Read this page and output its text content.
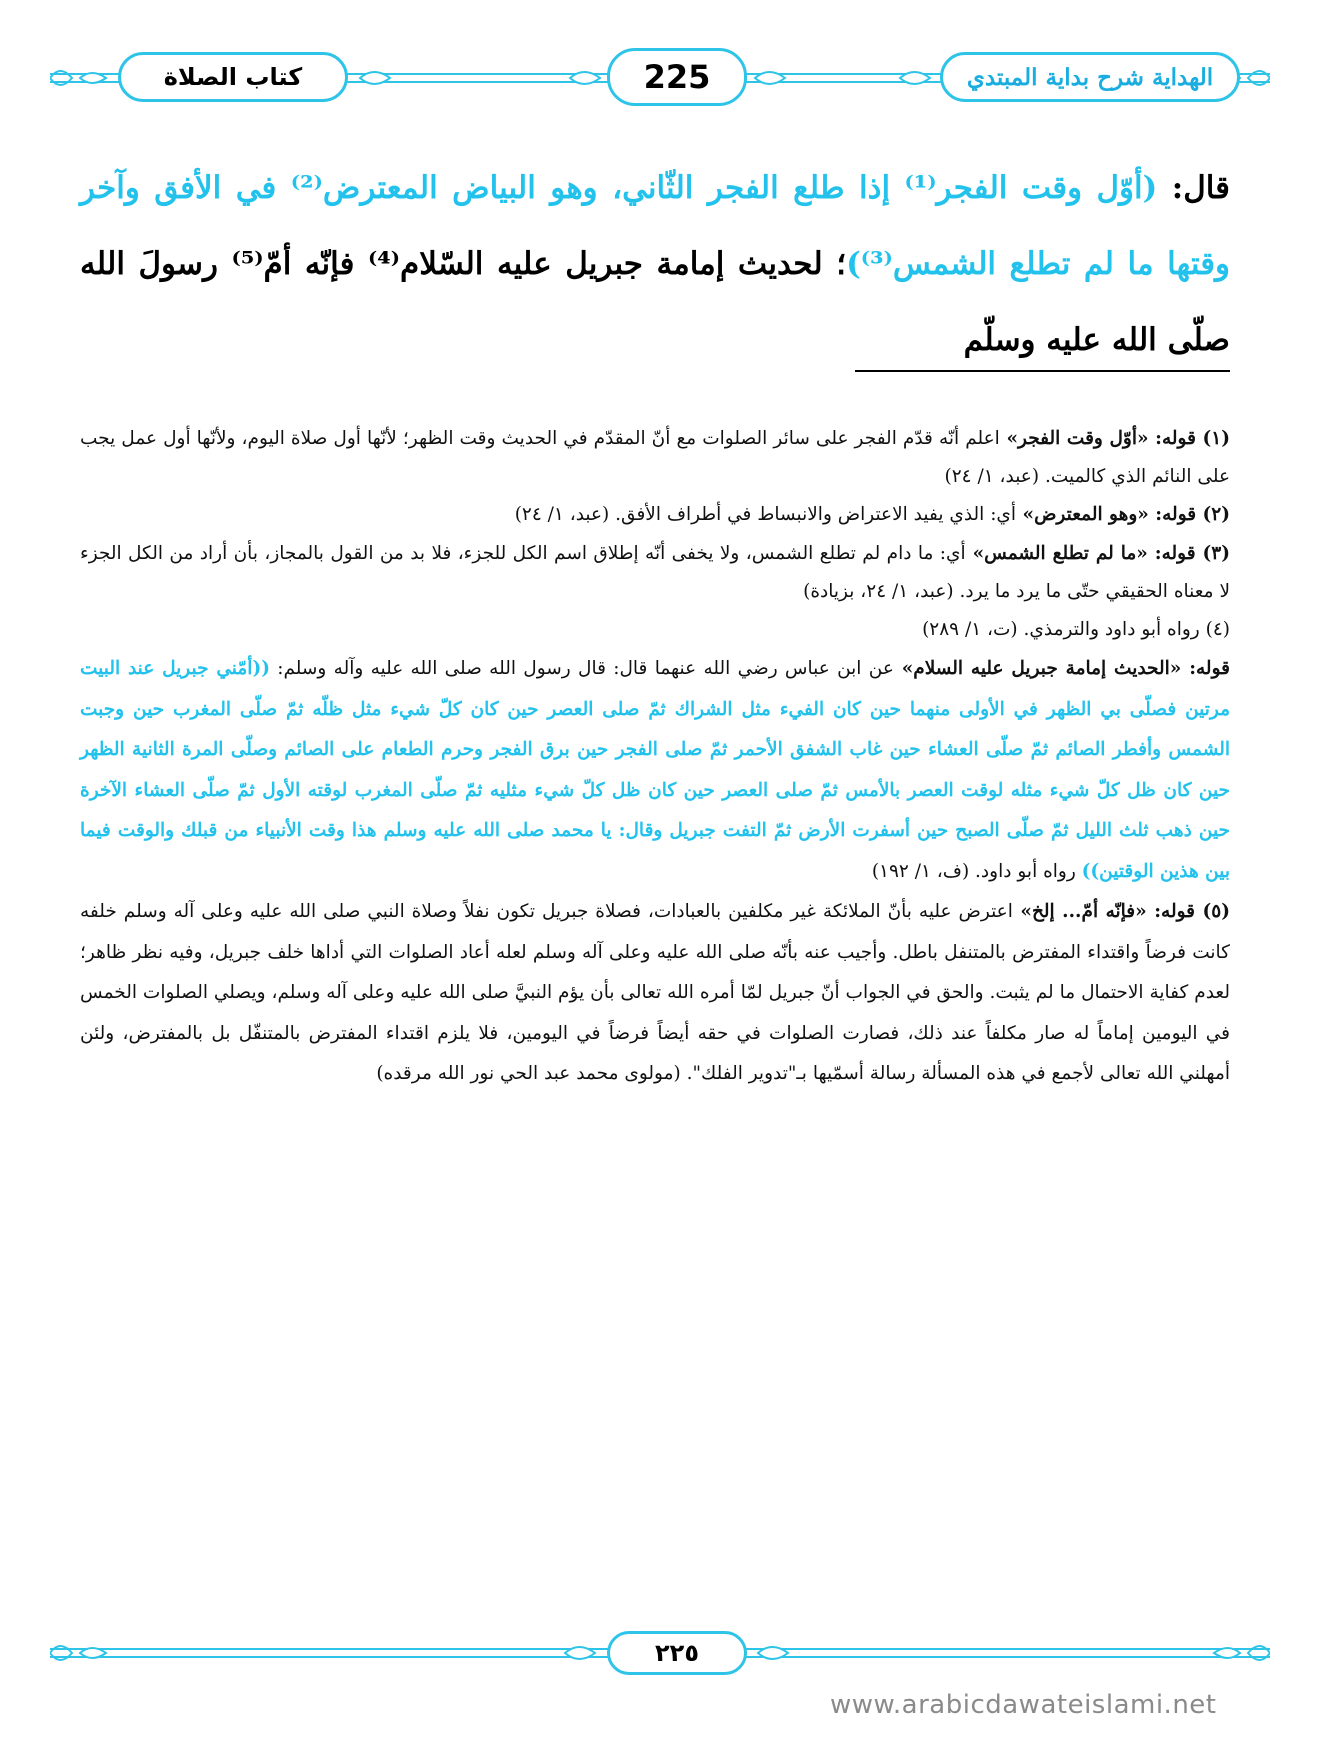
كتاب الصلاة	225	الهداية شرح بداية المبتدي
قال: (أوّل وقت الفجر⁽¹⁾ إذا طلع الفجر الثّاني، وهو البياض المعترض⁽²⁾ في الأفق وآخر وقتها ما لم تطلع الشمس⁽³⁾)؛ لحديث إمامة جبريل عليه السّلام⁽⁴⁾ فإنّه أمّ⁽⁵⁾ رسولَ الله صلّى الله عليه وسلّم

(١) قوله: «أوّل وقت الفجر» اعلم أنّه قدّم الفجر على سائر الصلوات مع أنّ المقدّم في الحديث وقت الظهر؛ لأنّها أول صلاة اليوم، ولأنّها أول عمل يجب على النائم الذي كالميت. (عبد، ١/ ٢٤)

(٢) قوله: «وهو المعترض» أي: الذي يفيد الاعتراض والانبساط في أطراف الأفق. (عبد، ١/ ٢٤)

(٣) قوله: «ما لم تطلع الشمس» أي: ما دام لم تطلع الشمس، ولا يخفى أنّه إطلاق اسم الكل للجزء، فلا بد من القول بالمجاز، بأن أراد من الكل الجزء لا معناه الحقيقي حتّى ما يرد ما يرد. (عبد، ١/ ٢٤، بزيادة)

(٤) رواه أبو داود والترمذي. (ت، ١/ ٢٨٩)

قوله: «الحديث إمامة جبريل عليه السلام» عن ابن عباس رضي الله عنهما قال: قال رسول الله صلى الله عليه وآله وسلم: ((أمّني جبريل عند البيت مرتين فصلّى بي الظهر في الأولى منهما حين كان الفيء مثل الشراك ثمّ صلى العصر حين كان كلّ شيء مثل ظلّه ثمّ صلّى المغرب حين وجبت الشمس وأفطر الصائم ثمّ صلّى العشاء حين غاب الشفق الأحمر ثمّ صلى الفجر حين برق الفجر وحرم الطعام على الصائم وصلّى المرة الثانية الظهر حين كان ظل كلّ شيء مثله لوقت العصر بالأمس ثمّ صلى العصر حين كان ظل كلّ شيء مثليه ثمّ صلّى المغرب لوقته الأول ثمّ صلّى العشاء الآخرة حين ذهب ثلث الليل ثمّ صلّى الصبح حين أسفرت الأرض ثمّ التفت جبريل وقال: يا محمد صلى الله عليه وسلم هذا وقت الأنبياء من قبلك والوقت فيما بين هذين الوقتين)) رواه أبو داود. (ف، ١/ ١٩٢)

(٥) قوله: «فإنّه أمّ... إلخ» اعترض عليه بأنّ الملائكة غير مكلفين بالعبادات، فصلاة جبريل تكون نفلاً وصلاة النبي صلى الله عليه وعلى آله وسلم خلفه كانت فرضاً واقتداء المفترض بالمتنفل باطل. وأجيب عنه بأنّه صلى الله عليه وعلى آله وسلم لعله أعاد الصلوات التي أداها خلف جبريل، وفيه نظر ظاهر؛ لعدم كفاية الاحتمال ما لم يثبت. والحق في الجواب أنّ جبريل لمّا أمره الله تعالى بأن يؤم النبيَّ صلى الله عليه وعلى آله وسلم، ويصلي الصلوات الخمس في اليومين إماماً له صار مكلفاً عند ذلك، فصارت الصلوات في حقه أيضاً فرضاً في اليومين، فلا يلزم اقتداء المفترض بالمتنفّل بل بالمفترض، ولئن أمهلني الله تعالى لأجمع في هذه المسألة رسالة أسمّيها بـ"تدوير الفلك". (مولوى محمد عبد الحي نور الله مرقده)

٢٢٥
www.arabicdawateislami.net
